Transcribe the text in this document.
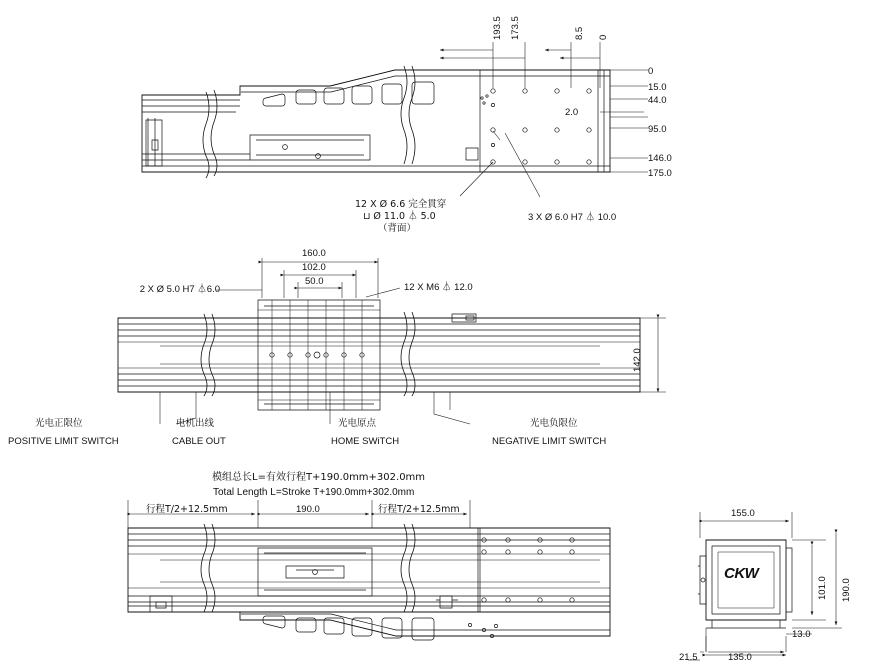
193.5 173.5	8.5 0
0
15.0
44.0
2.0
95.0
146.0
175.0
12 X Ø 6.6 完全貫穿
⊔ Ø 11.0 ⏃ 5.0
（背面）
3 X Ø 6.0 H7 ⏃ 10.0
160.0
102.0
50.0
2 X Ø 5.0 H7 ⏃6.0	12 X M6 ⏃ 12.0
142.0
光电正限位
POSITIVE LIMIT SWITCH
电机出线
CABLE OUT
光电原点
HOME SWiTCH
光电负限位
NEGATIVE LIMIT SWITCH
模组总长L=有效行程T+190.0mm+302.0mm
Total Length L=Stroke T+190.0mm+302.0mm
行程T/2+12.5mm	190.0	行程T/2+12.5mm	155.0
101.0 190.0
13.0
21.5	135.0
CKW
